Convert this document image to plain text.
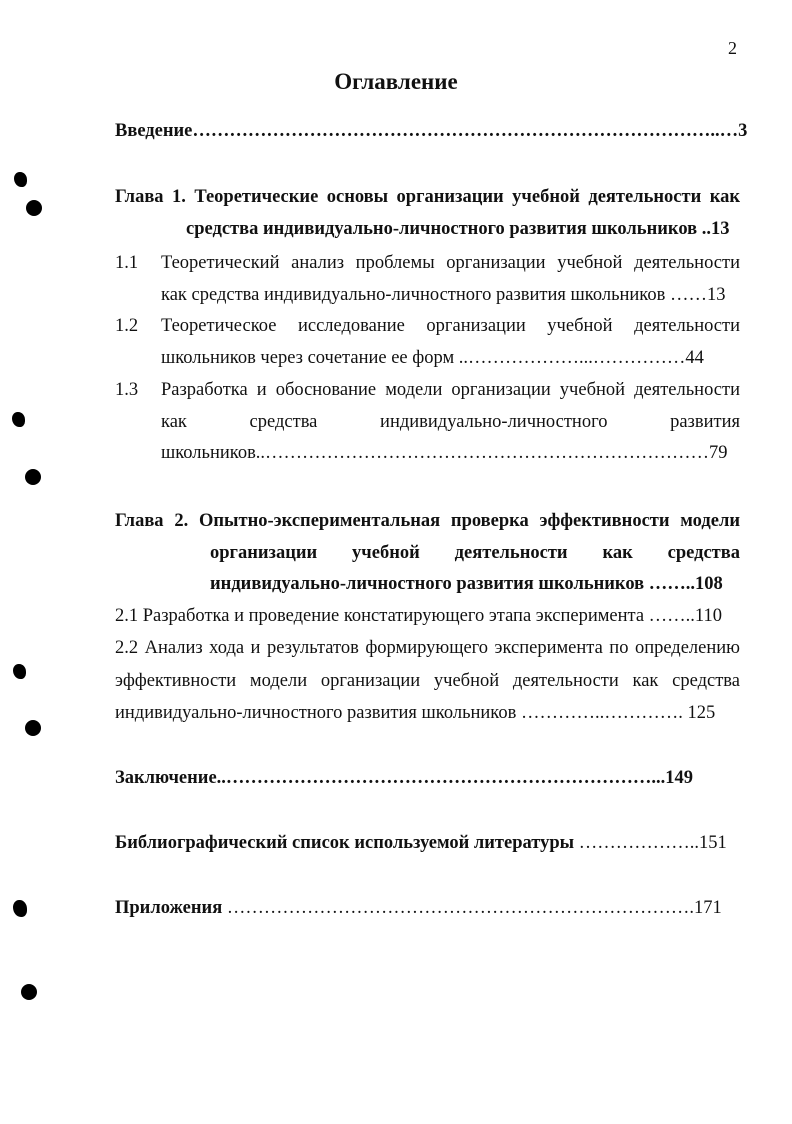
2
Оглавление
Введение…………………………………………………………………………..…3
Глава 1. Теоретические основы организации учебной деятельности как
средства индивидуально-личностного развития школьников ..13
1.1 Теоретический анализ проблемы организации учебной деятельности
как средства индивидуально-личностного развития школьников ……13
1.2 Теоретическое исследование организации учебной деятельности
школьников через сочетание ее форм ..………………...……………44
1.3 Разработка и обоснование модели организации учебной деятельности
как средства индивидуально-личностного развития
школьников..………………………………………………………………79
Глава 2. Опытно-экспериментальная проверка эффективности модели
организации учебной деятельности как средства
индивидуально-личностного развития школьников ……..108
2.1 Разработка и проведение констатирующего этапа эксперимента ……..110
2.2 Анализ хода и результатов формирующего эксперимента по определению
эффективности модели организации учебной деятельности как средства
индивидуально-личностного развития школьников …………..…………. 125
Заключение..……………………………………………………………...149
Библиографический список используемой литературы ………………..151
Приложения ………………………………………………………………….171
